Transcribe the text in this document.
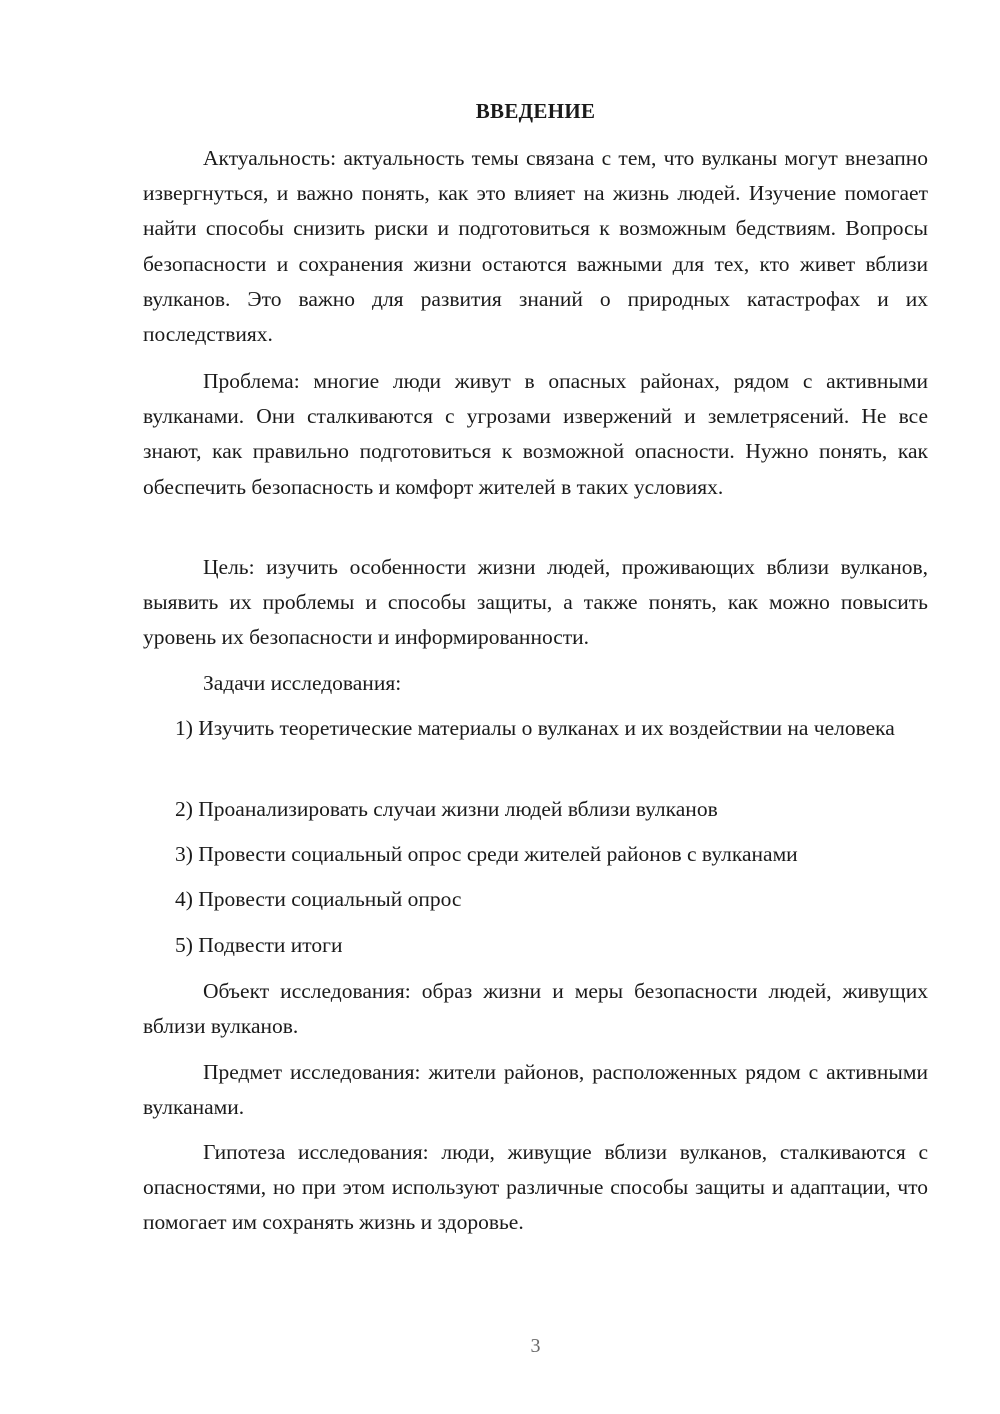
ВВЕДЕНИЕ

Актуальность: актуальность темы связана с тем, что вулканы могут внезапно извергнуться, и важно понять, как это влияет на жизнь людей. Изучение помогает найти способы снизить риски и подготовиться к возможным бедствиям. Вопросы безопасности и сохранения жизни остаются важными для тех, кто живет вблизи вулканов. Это важно для развития знаний о природных катастрофах и их последствиях.

Проблема: многие люди живут в опасных районах, рядом с активными вулканами. Они сталкиваются с угрозами извержений и землетрясений. Не все знают, как правильно подготовиться к возможной опасности. Нужно понять, как обеспечить безопасность и комфорт жителей в таких условиях.

Цель: изучить особенности жизни людей, проживающих вблизи вулканов, выявить их проблемы и способы защиты, а также понять, как можно повысить уровень их безопасности и информированности.

Задачи исследования:

1) Изучить теоретические материалы о вулканах и их воздействии на человека

2) Проанализировать случаи жизни людей вблизи вулканов

3) Провести социальный опрос среди жителей районов с вулканами

4) Провести социальный опрос

5) Подвести итоги

Объект исследования: образ жизни и меры безопасности людей, живущих вблизи вулканов.

Предмет исследования: жители районов, расположенных рядом с активными вулканами.

Гипотеза исследования: люди, живущие вблизи вулканов, сталкиваются с опасностями, но при этом используют различные способы защиты и адаптации, что помогает им сохранять жизнь и здоровье.

3
